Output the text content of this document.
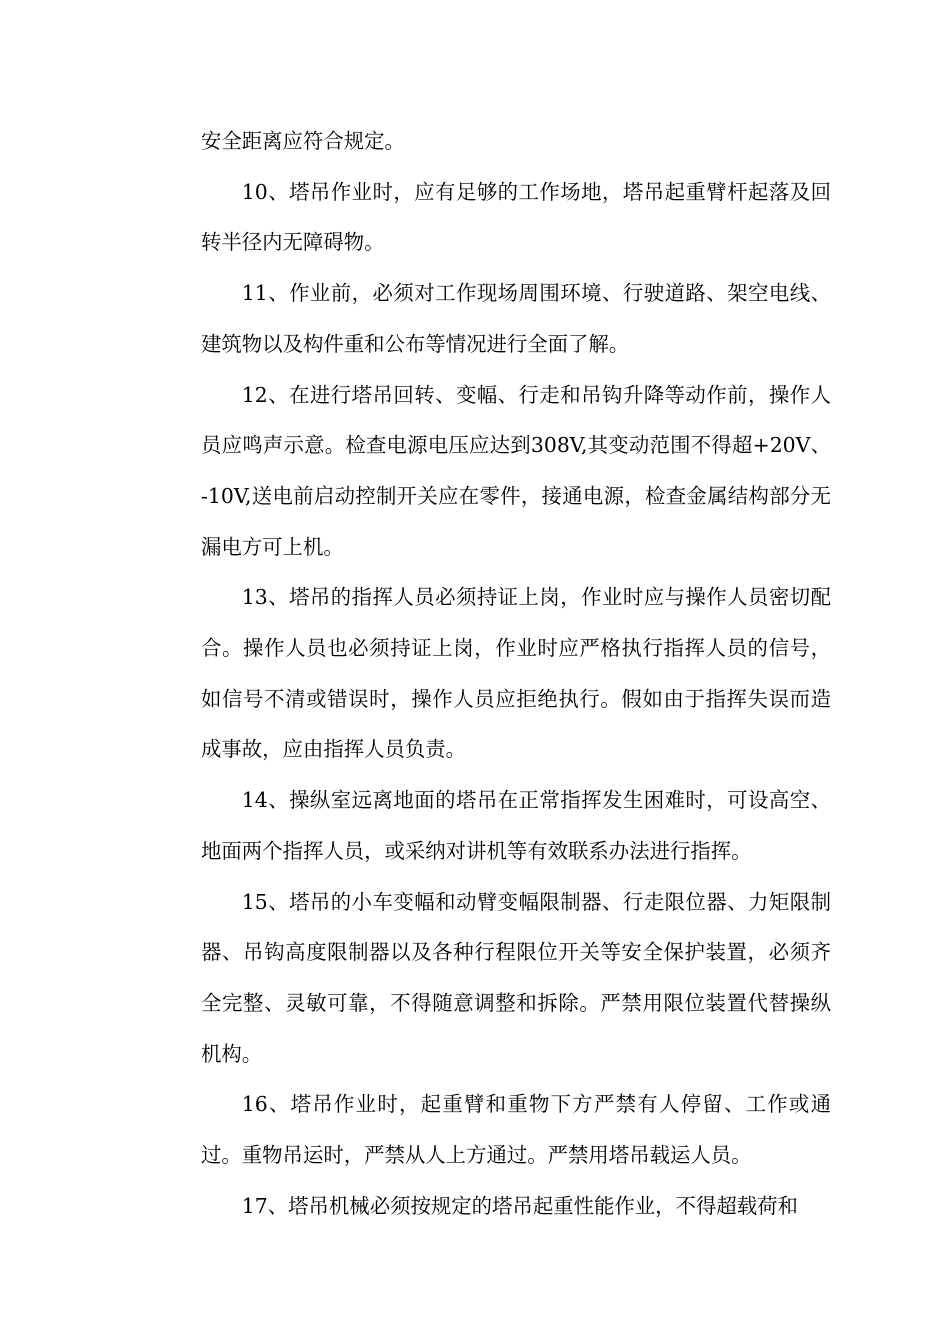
安全距离应符合规定。

10、塔吊作业时，应有足够的工作场地，塔吊起重臂杆起落及回转半径内无障碍物。

11、作业前，必须对工作现场周围环境、行驶道路、架空电线、建筑物以及构件重和公布等情况进行全面了解。

12、在进行塔吊回转、变幅、行走和吊钩升降等动作前，操作人员应鸣声示意。检查电源电压应达到308V,其变动范围不得超+20V、-10V,送电前启动控制开关应在零件，接通电源，检查金属结构部分无漏电方可上机。

13、塔吊的指挥人员必须持证上岗，作业时应与操作人员密切配合。操作人员也必须持证上岗，作业时应严格执行指挥人员的信号，如信号不清或错误时，操作人员应拒绝执行。假如由于指挥失误而造成事故，应由指挥人员负责。

14、操纵室远离地面的塔吊在正常指挥发生困难时，可设高空、地面两个指挥人员，或采纳对讲机等有效联系办法进行指挥。

15、塔吊的小车变幅和动臂变幅限制器、行走限位器、力矩限制器、吊钩高度限制器以及各种行程限位开关等安全保护装置，必须齐全完整、灵敏可靠，不得随意调整和拆除。严禁用限位装置代替操纵机构。

16、塔吊作业时，起重臂和重物下方严禁有人停留、工作或通过。重物吊运时，严禁从人上方通过。严禁用塔吊载运人员。

17、塔吊机械必须按规定的塔吊起重性能作业，不得超载荷和
